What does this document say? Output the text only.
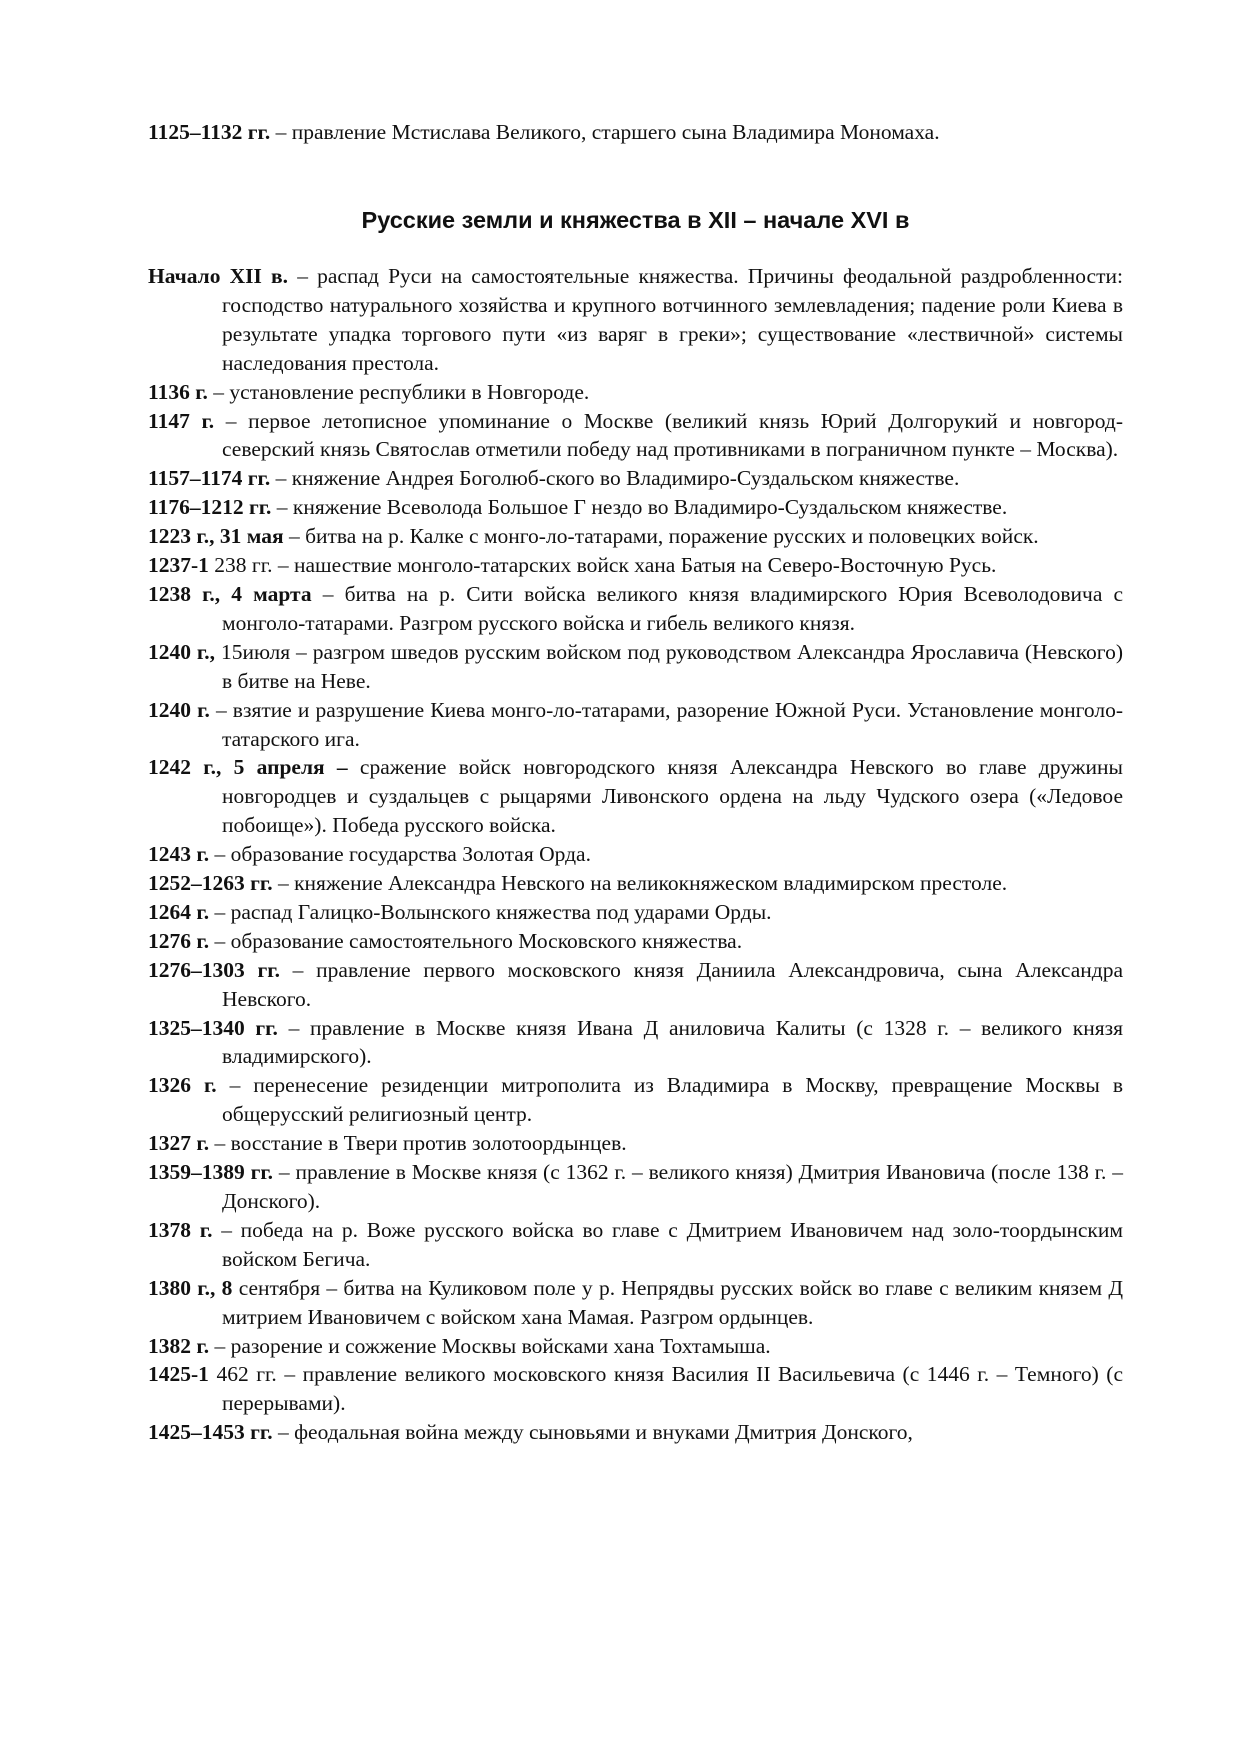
1125–1132 гг. – правление Мстислава Великого, старшего сына Владимира Мономаха.
Русские земли и княжества в XII – начале XVI в
Начало XII в. – распад Руси на самостоятельные княжества. Причины феодальной раздробленности: господство натурального хозяйства и крупного вотчинного землевладения; падение роли Киева в результате упадка торгового пути «из варяг в греки»; существование «лествичной» системы наследования престола.
1136 г. – установление республики в Новгороде.
1147 г. – первое летописное упоминание о Москве (великий князь Юрий Долгорукий и новгород-северский князь Святослав отметили победу над противниками в пограничном пункте – Москва).
1157–1174 гг. – княжение Андрея Боголюб-ского во Владимиро-Суздальском княжестве.
1176–1212 гг. – княжение Всеволода Большое Г нездо во Владимиро-Суздальском княжестве.
1223 г., 31 мая – битва на р. Калке с монго-ло-татарами, поражение русских и половецких войск.
1237-1 238 гг. – нашествие монголо-татарских войск хана Батыя на Северо-Восточную Русь.
1238 г., 4 марта – битва на р. Сити войска великого князя владимирского Юрия Всеволодовича с монголо-татарами. Разгром русского войска и гибель великого князя.
1240 г., 15июля – разгром шведов русским войском под руководством Александра Ярославича (Невского) в битве на Неве.
1240 г. – взятие и разрушение Киева монго-ло-татарами, разорение Южной Руси. Установление монголо-татарского ига.
1242 г., 5 апреля – сражение войск новгородского князя Александра Невского во главе дружины новгородцев и суздальцев с рыцарями Ливонского ордена на льду Чудского озера («Ледовое побоище»). Победа русского войска.
1243 г. – образование государства Золотая Орда.
1252–1263 гг. – княжение Александра Невского на великокняжеском владимирском престоле.
1264 г. – распад Галицко-Волынского княжества под ударами Орды.
1276 г. – образование самостоятельного Московского княжества.
1276–1303 гг. – правление первого московского князя Даниила Александровича, сына Александра Невского.
1325–1340 гг. – правление в Москве князя Ивана Д аниловича Калиты (с 1328 г. – великого князя владимирского).
1326 г. – перенесение резиденции митрополита из Владимира в Москву, превращение Москвы в общерусский религиозный центр.
1327 г. – восстание в Твери против золотоордынцев.
1359–1389 гг. – правление в Москве князя (с 1362 г. – великого князя) Дмитрия Ивановича (после 138 г. – Донского).
1378 г. – победа на р. Воже русского войска во главе с Дмитрием Ивановичем над золо-тоордынским войском Бегича.
1380 г., 8 сентября – битва на Куликовом поле у р. Непрядвы русских войск во главе с великим князем Д митрием Ивановичем с войском хана Мамая. Разгром ордынцев.
1382 г. – разорение и сожжение Москвы войсками хана Тохтамыша.
1425-1 462 гг. – правление великого московского князя Василия II Васильевича (с 1446 г. – Темного) (с перерывами).
1425–1453 гг. – феодальная война между сыновьями и внуками Дмитрия Донского,
